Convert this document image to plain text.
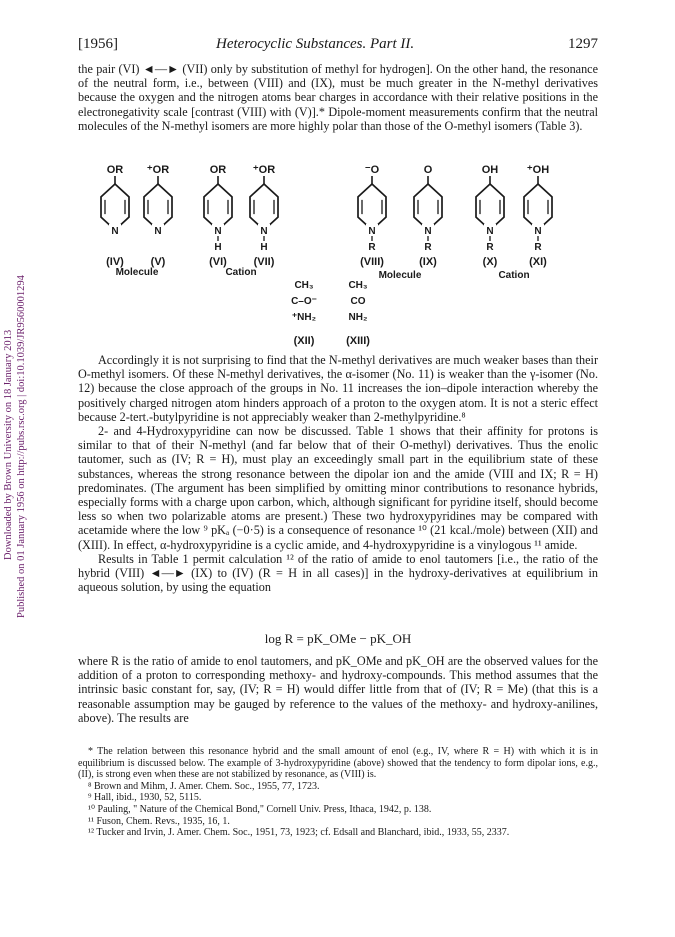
Downloaded by Brown University on 18 January 2013 Published on 01 January 1956 on http://pubs.rsc.org | doi:10.1039/JR9560001294
[1956]	Heterocyclic Substances. Part II.	1297

the pair (VI) ◄—► (VII) only by substitution of methyl for hydrogen]. On the other hand, the resonance of the neutral form, i.e., between (VIII) and (IX), must be much greater in the N-methyl derivatives because the oxygen and the nitrogen atoms bear charges in accordance with their relative positions in the electronegativity scale [contrast (VIII) with (V)].* Dipole-moment measurements confirm that the neutral molecules of the N-methyl isomers are more highly polar than those of the O-methyl isomers (Table 3).

OR
N
(IV)
⁺OR
N
(V)
OR
N
H
(VI)
⁺OR
N
H
(VII)
⁻O
N
R
(VIII)
O
N
R
(IX)
OH
N
R
(X)
⁺OH
N
R
(XI)
Molecule	Cation	Molecule	Cation
CH₃
C–O⁻
⁺NH₂
(XII)
CH₃
CO
NH₂
(XIII)

Accordingly it is not surprising to find that the N-methyl derivatives are much weaker bases than their O-methyl isomers. Of these N-methyl derivatives, the α-isomer (No. 11) is weaker than the γ-isomer (No. 12) because the close approach of the groups in No. 11 increases the ion–dipole interaction whereby the positively charged nitrogen atom hinders approach of a proton to the oxygen atom. It is not a steric effect because 2-tert.-butylpyridine is not appreciably weaker than 2-methylpyridine.⁸

2- and 4-Hydroxypyridine can now be discussed. Table 1 shows that their affinity for protons is similar to that of their N-methyl (and far below that of their O-methyl) derivatives. Thus the enolic tautomer, such as (IV; R = H), must play an exceedingly small part in the equilibrium state of these substances, whereas the strong resonance between the dipolar ion and the amide (VIII and IX; R = H) predominates. (The argument has been simplified by omitting minor contributions to resonance hybrids, especially forms with a charge upon carbon, which, although significant for pyridine itself, should become less so when two polarizable atoms are present.) These two hydroxypyridines may be compared with acetamide where the low ⁹ pKₐ (−0·5) is a consequence of resonance ¹⁰ (21 kcal./mole) between (XII) and (XIII). In effect, α-hydroxypyridine is a cyclic amide, and 4-hydroxypyridine is a vinylogous ¹¹ amide.

Results in Table 1 permit calculation ¹² of the ratio of amide to enol tautomers [i.e., the ratio of the hybrid (VIII) ◄—► (IX) to (IV) (R = H in all cases)] in the hydroxy-derivatives at equilibrium in aqueous solution, by using the equation

log R = pK_OMe − pK_OH

where R is the ratio of amide to enol tautomers, and pK_OMe and pK_OH are the observed values for the addition of a proton to corresponding methoxy- and hydroxy-compounds. This method assumes that the intrinsic basic constant for, say, (IV; R = H) would differ little from that of (IV; R = Me) (that this is a reasonable assumption may be gauged by reference to the values of the methoxy- and hydroxy-anilines, above). The results are

* The relation between this resonance hybrid and the small amount of enol (e.g., IV, where R = H) with which it is in equilibrium is discussed below. The example of 3-hydroxypyridine (above) showed that the tendency to form dipolar ions, e.g., (II), is strong even when these are not stabilized by resonance, as (VIII) is.

⁸ Brown and Mihm, J. Amer. Chem. Soc., 1955, 77, 1723.

⁹ Hall, ibid., 1930, 52, 5115.

¹⁰ Pauling, " Nature of the Chemical Bond," Cornell Univ. Press, Ithaca, 1942, p. 138.

¹¹ Fuson, Chem. Revs., 1935, 16, 1.

¹² Tucker and Irvin, J. Amer. Chem. Soc., 1951, 73, 1923; cf. Edsall and Blanchard, ibid., 1933, 55, 2337.
